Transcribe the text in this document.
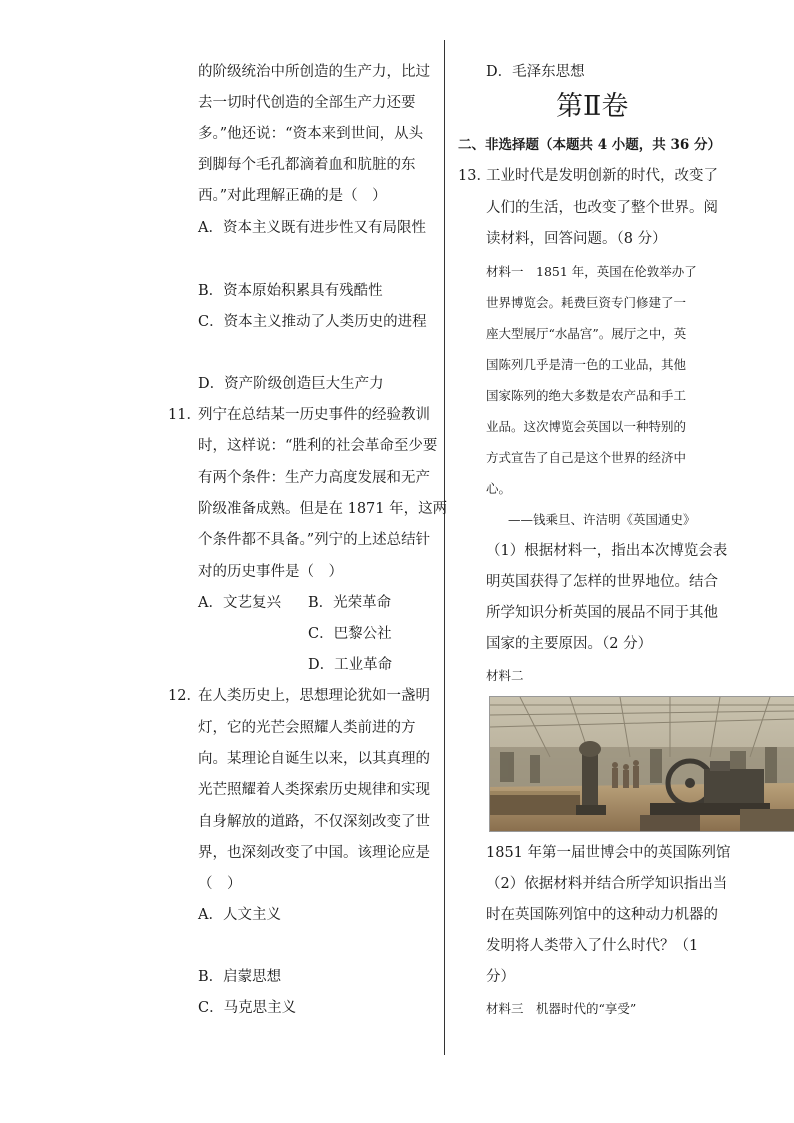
的阶级统治中所创造的生产力，比过
去一切时代创造的全部生产力还要
多。”他还说：“资本来到世间，从头
到脚每个毛孔都滴着血和肮脏的东
西。”对此理解正确的是（　）
A．资本主义既有进步性又有局限性
B．资本原始积累具有残酷性
C．资本主义推动了人类历史的进程
D．资产阶级创造巨大生产力
11．
列宁在总结某一历史事件的经验教训
时，这样说：“胜利的社会革命至少要
有两个条件：生产力高度发展和无产
阶级准备成熟。但是在 1871 年，这两
个条件都不具备。”列宁的上述总结针
对的历史事件是（　）
A．文艺复兴 B．光荣革命
C．巴黎公社
D．工业革命
12．
在人类历史上，思想理论犹如一盏明
灯，它的光芒会照耀人类前进的方
向。某理论自诞生以来，以其真理的
光芒照耀着人类探索历史规律和实现
自身解放的道路，不仅深刻改变了世
界，也深刻改变了中国。该理论应是
（　）
A．人文主义
B．启蒙思想
C．马克思主义
D．毛泽东思想
第Ⅱ卷
二、非选择题（本题共 4 小题，共 36 分）
13．
工业时代是发明创新的时代，改变了
人们的生活，也改变了整个世界。阅
读材料，回答问题。（8 分）
材料一　1851 年，英国在伦敦举办了
世界博览会。耗费巨资专门修建了一
座大型展厅“水晶宫”。展厅之中，英
国陈列几乎是清一色的工业品，其他
国家陈列的绝大多数是农产品和手工
业品。这次博览会英国以一种特别的
方式宣告了自己是这个世界的经济中
心。
——钱乘旦、许洁明《英国通史》
（1）根据材料一，指出本次博览会表
明英国获得了怎样的世界地位。结合
所学知识分析英国的展品不同于其他
国家的主要原因。（2 分）
材料二
1851 年第一届世博会中的英国陈列馆
（2）依据材料并结合所学知识指出当
时在英国陈列馆中的这种动力机器的
发明将人类带入了什么时代？（1
分）
材料三　机器时代的“享受”
